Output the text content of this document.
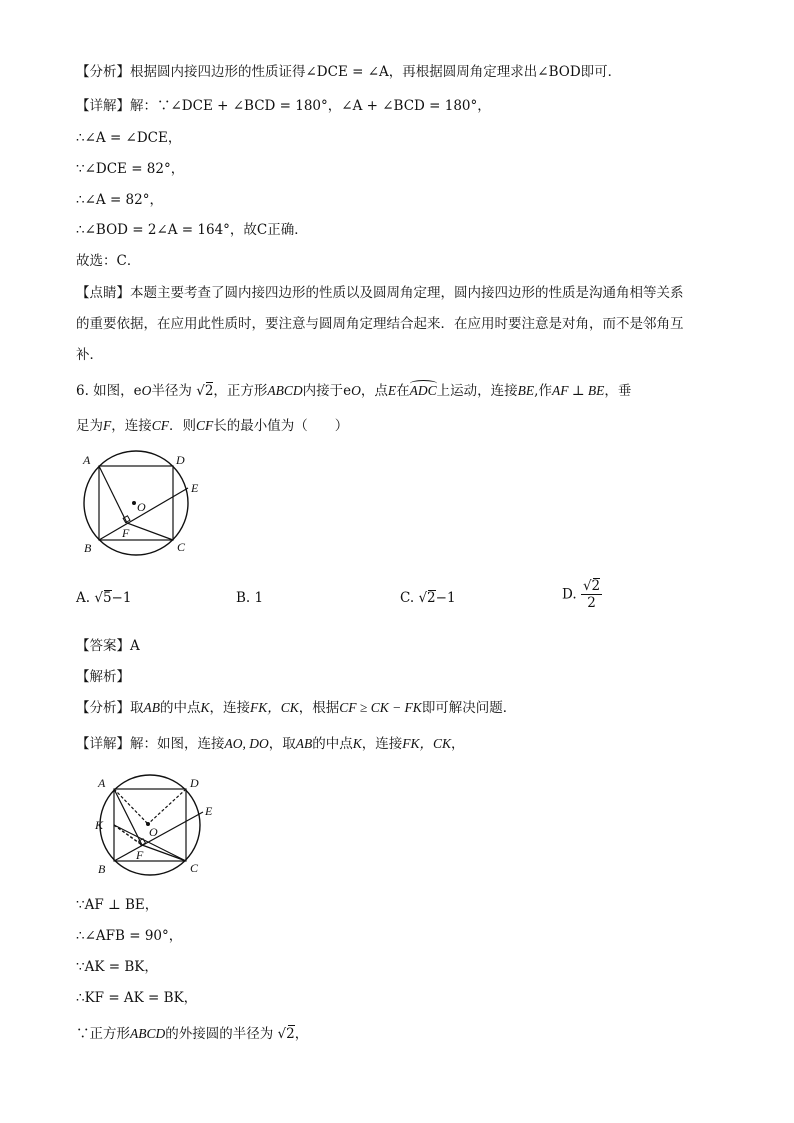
【分析】根据圆内接四边形的性质证得∠DCE = ∠A，再根据圆周角定理求出∠BOD即可．
【详解】解：∵∠DCE + ∠BCD = 180°，∠A + ∠BCD = 180°，
∴∠A = ∠DCE，
∵∠DCE = 82°，
∴∠A = 82°，
∴∠BOD = 2∠A = 164°，故C正确．
故选：C．
【点睛】本题主要考查了圆内接四边形的性质以及圆周角定理，圆内接四边形的性质是沟通角相等关系
的重要依据，在应用此性质时，要注意与圆周角定理结合起来．在应用时要注意是对角，而不是邻角互
补．
6. 如图，eO半径为 √
2，正方形ABCD内接于eO，点E在ADC上运动，连接BE,作AF ⊥ BE，垂
足为F，连接CF．则CF长的最小值为（　　）
A	D
E
O
F
B	C
A. √
5−1	B. 1	C. √
2−1	D. √
2
2
【答案】A
【解析】
【分析】取AB的中点K，连接FK，CK，根据CF ≥ CK − FK即可解决问题．
【详解】解：如图，连接AO, DO，取AB的中点K，连接FK，CK，
A	D
E
K	O
F
B	C
∵AF ⊥ BE，
∴∠AFB = 90°，
∵AK = BK，
∴KF = AK = BK，
∵正方形ABCD的外接圆的半径为 √
2，
